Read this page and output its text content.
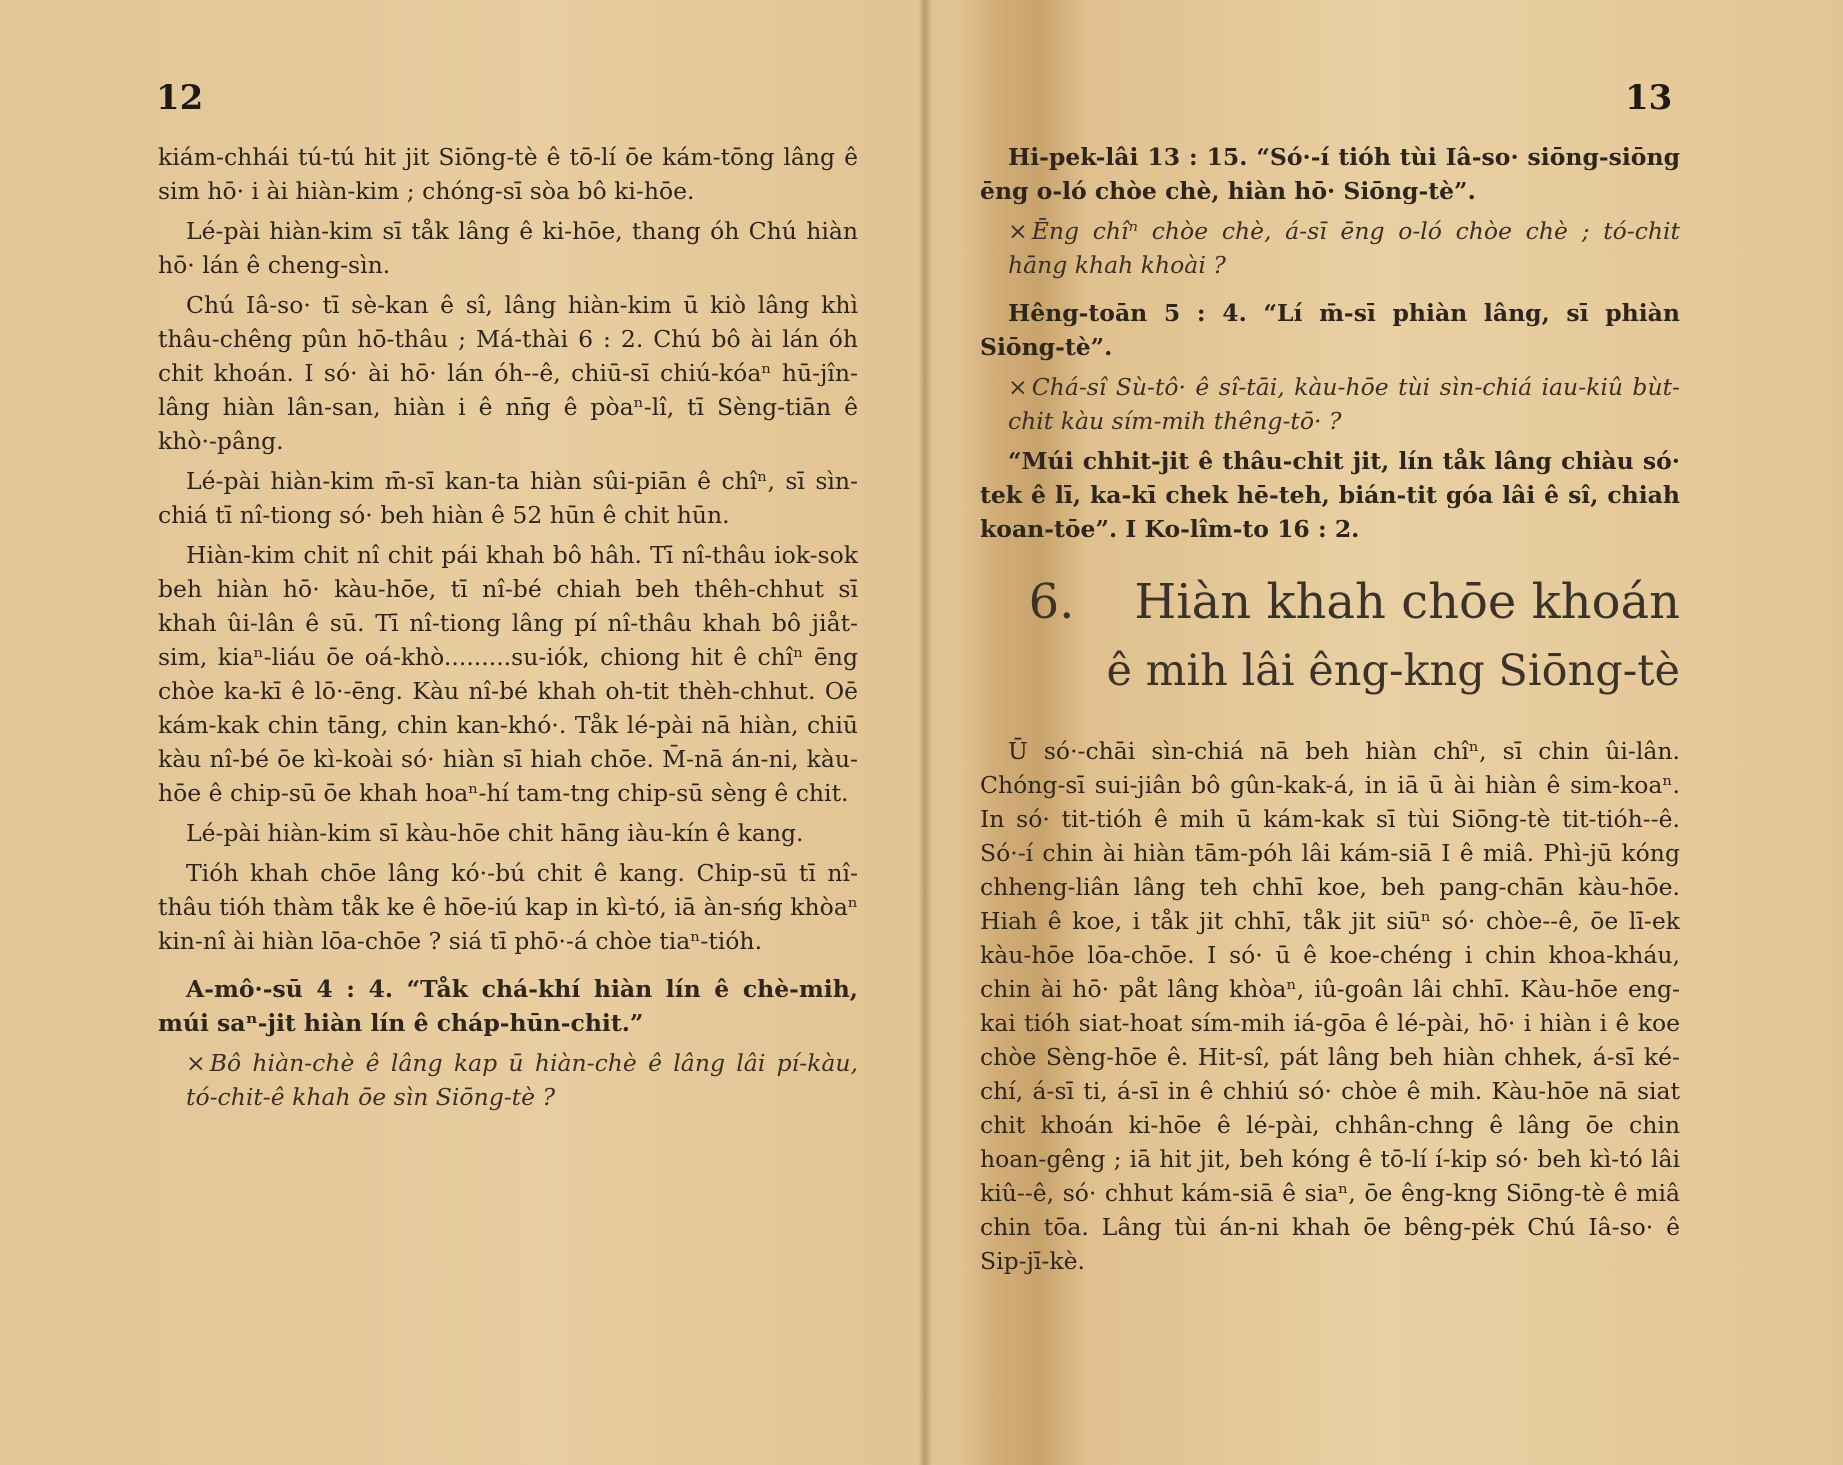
12

kiám-chhái tú-tú hit jit Siōng-tè ê tō-lí ōe kám-tōng lâng ê sim hō· i ài hiàn-kim ; chóng-sī sòa bô ki-hōe.

Lé-pài hiàn-kim sī tåk lâng ê ki-hōe, thang óh Chú hiàn hō· lán ê cheng-sìn.

Chú Iâ-so· tī sè-kan ê sî, lâng hiàn-kim ū kiò lâng khì thâu-chêng pûn hō-thâu ; Má-thài 6 : 2. Chú bô ài lán óh chit khoán. I só· ài hō· lán óh--ê, chiū-sī chiú-kóaⁿ hū-jîn-lâng hiàn lân-san, hiàn i ê nn̄g ê pòaⁿ-lî, tī Sèng-tiān ê khò·-pâng.

Lé-pài hiàn-kim m̄-sī kan-ta hiàn sûi-piān ê chîⁿ, sī sìn-chiá tī nî-tiong só· beh hiàn ê 52 hūn ê chit hūn.

Hiàn-kim chit nî chit pái khah bô hâh. Tī nî-thâu iok-sok beh hiàn hō· kàu-hōe, tī nî-bé chiah beh thêh-chhut sī khah ûi-lân ê sū. Tī nî-tiong lâng pí nî-thâu khah bô jiåt-sim, kiaⁿ-liáu ōe oá-khò.........su-iók, chiong hit ê chîⁿ ēng chòe ka-kī ê lō·-ēng. Kàu nî-bé khah oh-tit thèh-chhut. Oē kám-kak chin tāng, chin kan-khó·. Tåk lé-pài nā hiàn, chiū kàu nî-bé ōe kì-koài só· hiàn sī hiah chōe. M̄-nā án-ni, kàu-hōe ê chip-sū ōe khah hoaⁿ-hí tam-tng chip-sū sèng ê chit.

Lé-pài hiàn-kim sī kàu-hōe chit hāng iàu-kín ê kang.

Tióh khah chōe lâng kó·-bú chit ê kang. Chip-sū tī nî-thâu tióh thàm tåk ke ê hōe-iú kap in kì-tó, iā àn-sńg khòaⁿ kin-nî ài hiàn lōa-chōe ? siá tī phō·-á chòe tiaⁿ-tióh.

A-mô·-sū 4 : 4. “Tåk chá-khí hiàn lín ê chè-mih, múi saⁿ-jit hiàn lín ê cháp-hūn-chit.”

× Bô hiàn-chè ê lâng kap ū hiàn-chè ê lâng lâi pí-kàu, tó-chit-ê khah ōe sìn Siōng-tè ?

13

Hi-pek-lâi 13 : 15. “Só·-í tióh tùi Iâ-so· siōng-siōng ēng o-ló chòe chè, hiàn hō· Siōng-tè”.

× Ēng chîⁿ chòe chè, á-sī ēng o-ló chòe chè ; tó-chit hāng khah khoài ?

Hêng-toān 5 : 4. “Lí m̄-sī phiàn lâng, sī phiàn Siōng-tè”.

× Chá-sî Sù-tô· ê sî-tāi, kàu-hōe tùi sìn-chiá iau-kiû bùt-chit kàu sím-mih thêng-tō· ?

“Múi chhit-jit ê thâu-chit jit, lín tåk lâng chiàu só· tek ê lī, ka-kī chek hē-teh, bián-tit góa lâi ê sî, chiah koan-tōe”. I Ko-lîm-to 16 : 2.

6. Hiàn khah chōe khoán
ê mih lâi êng-kng Siōng-tè

Ū só·-chāi sìn-chiá nā beh hiàn chîⁿ, sī chin ûi-lân. Chóng-sī sui-jiân bô gûn-kak-á, in iā ū ài hiàn ê sim-koaⁿ. In só· tit-tióh ê mih ū kám-kak sī tùi Siōng-tè tit-tióh--ê. Só·-í chin ài hiàn tām-póh lâi kám-siā I ê miâ. Phì-jū kóng chheng-liân lâng teh chhī koe, beh pang-chān kàu-hōe. Hiah ê koe, i tåk jit chhī, tåk jit siūⁿ só· chòe--ê, ōe lī-ek kàu-hōe lōa-chōe. I só· ū ê koe-chéng i chin khoa-kháu, chin ài hō· påt lâng khòaⁿ, iû-goân lâi chhī. Kàu-hōe eng-kai tióh siat-hoat sím-mih iá-gōa ê lé-pài, hō· i hiàn i ê koe chòe Sèng-hōe ê. Hit-sî, pát lâng beh hiàn chhek, á-sī ké-chí, á-sī ti, á-sī in ê chhiú só· chòe ê mih. Kàu-hōe nā siat chit khoán ki-hōe ê lé-pài, chhân-chng ê lâng ōe chin hoan-gêng ; iā hit jit, beh kóng ê tō-lí í-kip só· beh kì-tó lâi kiû--ê, só· chhut kám-siā ê siaⁿ, ōe êng-kng Siōng-tè ê miâ chin tōa. Lâng tùi án-ni khah ōe bêng-pėk Chú Iâ-so· ê Sip-jī-kè.
